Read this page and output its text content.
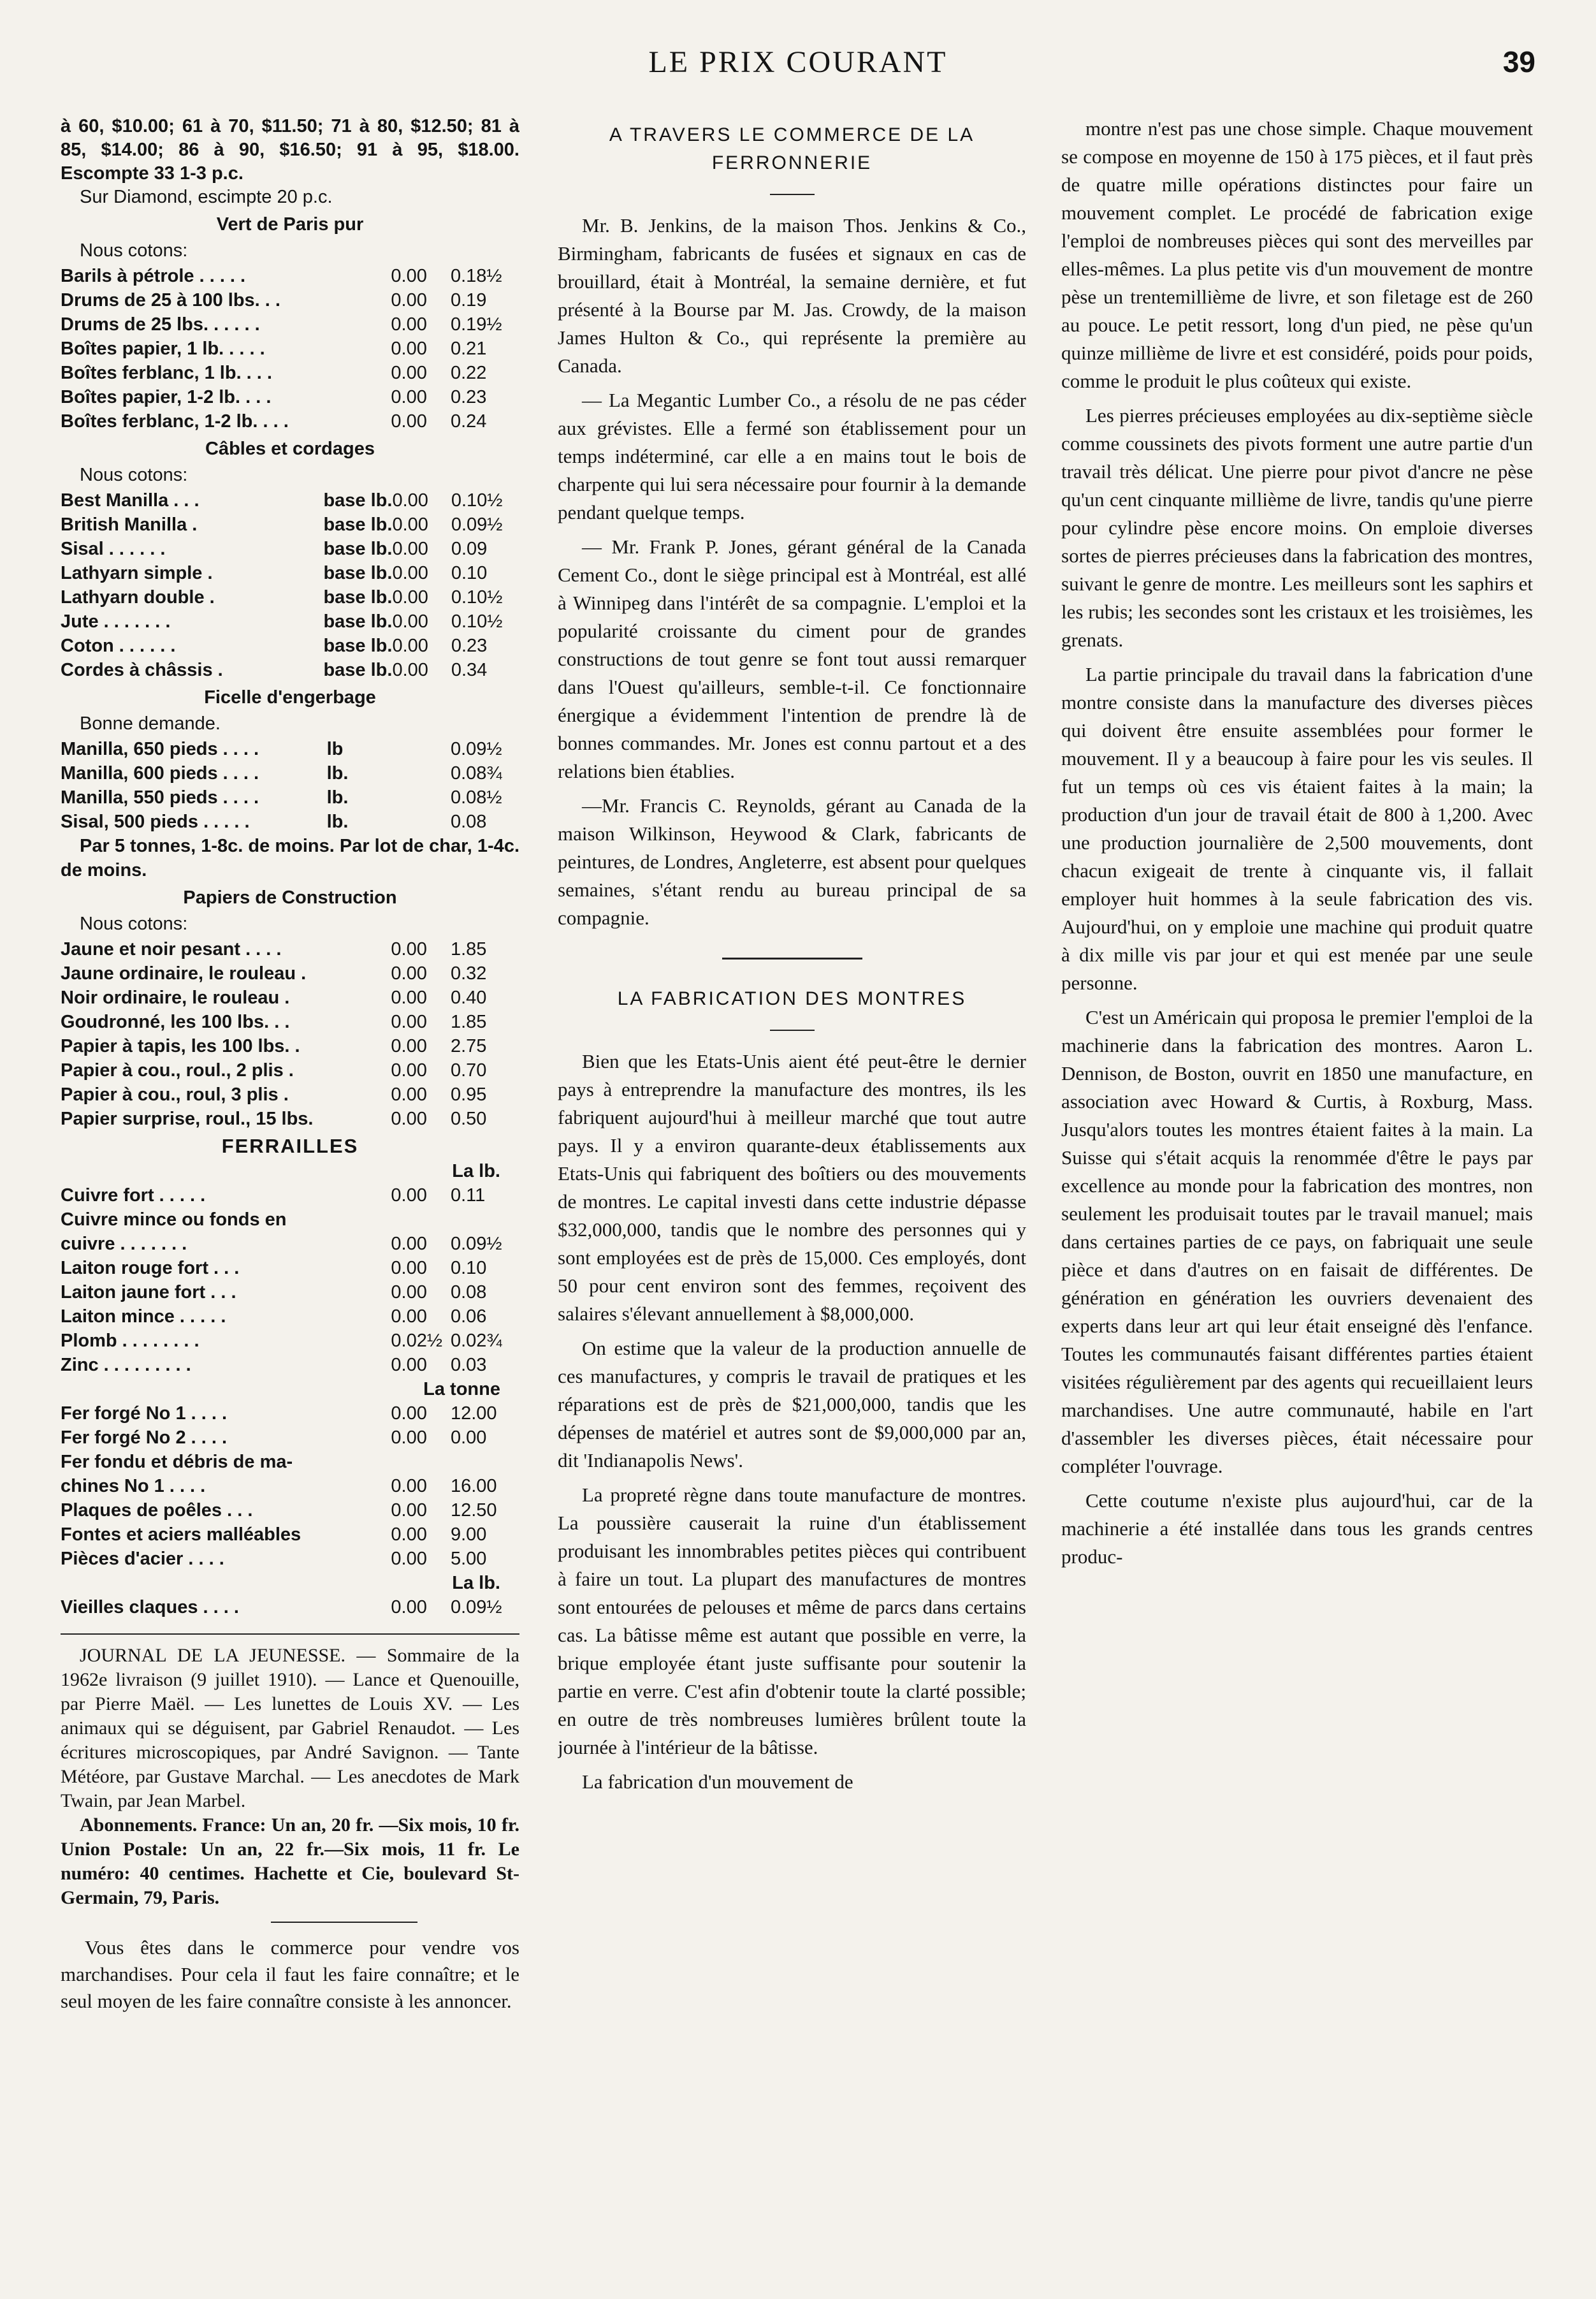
LE PRIX COURANT	39
à 60, $10.00; 61 à 70, $11.50; 71 à 80, $12.50; 81 à 85, $14.00; 86 à 90, $16.50; 91 à 95, $18.00. Escompte 33 1-3 p.c.
Sur Diamond, escimpte 20 p.c.
Vert de Paris pur
Nous cotons:
Barils à pétrole . . . . .		0.00	0.18½
Drums de 25 à 100 lbs. . .		0.00	0.19
Drums de 25 lbs. . . . . .		0.00	0.19½
Boîtes papier, 1 lb. . . . .		0.00	0.21
Boîtes ferblanc, 1 lb. . . .		0.00	0.22
Boîtes papier, 1-2 lb. . . .		0.00	0.23
Boîtes ferblanc, 1-2 lb. . . .		0.00	0.24
Câbles et cordages
Nous cotons:
Best Manilla . . .	base lb.	0.00	0.10½
British Manilla .	base lb.	0.00	0.09½
Sisal . . . . . .	base lb.	0.00	0.09
Lathyarn simple .	base lb.	0.00	0.10
Lathyarn double .	base lb.	0.00	0.10½
Jute . . . . . . .	base lb.	0.00	0.10½
Coton . . . . . .	base lb.	0.00	0.23
Cordes à châssis .	base lb.	0.00	0.34
Ficelle d'engerbage
Bonne demande.
Manilla, 650 pieds . . . .	lb		0.09½
Manilla, 600 pieds . . . .	lb.		0.08¾
Manilla, 550 pieds . . . .	lb.		0.08½
Sisal, 500 pieds . . . . .	lb.		0.08
Par 5 tonnes, 1-8c. de moins. Par lot de char, 1-4c. de moins.
Papiers de Construction
Nous cotons:
Jaune et noir pesant . . . .		0.00	1.85
Jaune ordinaire, le rouleau .		0.00	0.32
Noir ordinaire, le rouleau .		0.00	0.40
Goudronné, les 100 lbs. . .		0.00	1.85
Papier à tapis, les 100 lbs. .		0.00	2.75
Papier à cou., roul., 2 plis .		0.00	0.70
Papier à cou., roul, 3 plis .		0.00	0.95
Papier surprise, roul., 15 lbs.		0.00	0.50
FERRAILLES
La lb.
Cuivre fort . . . . .	0.00	0.11
Cuivre mince ou fonds en		
cuivre . . . . . . .	0.00	0.09½
Laiton rouge fort . . .	0.00	0.10
Laiton jaune fort . . .	0.00	0.08
Laiton mince . . . . .	0.00	0.06
Plomb . . . . . . . .	0.02½	0.02¾
Zinc . . . . . . . . .	0.00	0.03
La tonne
Fer forgé No 1 . . . .	0.00	12.00
Fer forgé No 2 . . . .	0.00	0.00
Fer fondu et débris de ma-		
chines No 1 . . . .	0.00	16.00
Plaques de poêles . . .	0.00	12.50
Fontes et aciers malléables	0.00	9.00
Pièces d'acier . . . .	0.00	5.00
La lb.
Vieilles claques . . . .	0.00	0.09½

JOURNAL DE LA JEUNESSE. — Sommaire de la 1962e livraison (9 juillet 1910). — Lance et Quenouille, par Pierre Maël. — Les lunettes de Louis XV. — Les animaux qui se déguisent, par Gabriel Renaudot. — Les écritures microscopiques, par André Savignon. — Tante Météore, par Gustave Marchal. — Les anecdotes de Mark Twain, par Jean Marbel.

Abonnements. France: Un an, 20 fr. —Six mois, 10 fr. Union Postale: Un an, 22 fr.—Six mois, 11 fr. Le numéro: 40 centimes. Hachette et Cie, boulevard St-Germain, 79, Paris.

Vous êtes dans le commerce pour vendre vos marchandises. Pour cela il faut les faire connaître; et le seul moyen de les faire connaître consiste à les annoncer.

A TRAVERS LE COMMERCE DE LA FERRONNERIE

Mr. B. Jenkins, de la maison Thos. Jenkins & Co., Birmingham, fabricants de fusées et signaux en cas de brouillard, était à Montréal, la semaine dernière, et fut présenté à la Bourse par M. Jas. Crowdy, de la maison James Hulton & Co., qui représente la première au Canada.

— La Megantic Lumber Co., a résolu de ne pas céder aux grévistes. Elle a fermé son établissement pour un temps indéterminé, car elle a en mains tout le bois de charpente qui lui sera nécessaire pour fournir à la demande pendant quelque temps.

— Mr. Frank P. Jones, gérant général de la Canada Cement Co., dont le siège principal est à Montréal, est allé à Winnipeg dans l'intérêt de sa compagnie. L'emploi et la popularité croissante du ciment pour de grandes constructions de tout genre se font tout aussi remarquer dans l'Ouest qu'ailleurs, semble-t-il. Ce fonctionnaire énergique a évidemment l'intention de prendre là de bonnes commandes. Mr. Jones est connu partout et a des relations bien établies.

—Mr. Francis C. Reynolds, gérant au Canada de la maison Wilkinson, Heywood & Clark, fabricants de peintures, de Londres, Angleterre, est absent pour quelques semaines, s'étant rendu au bureau principal de sa compagnie.

LA FABRICATION DES MONTRES

Bien que les Etats-Unis aient été peut-être le dernier pays à entreprendre la manufacture des montres, ils les fabriquent aujourd'hui à meilleur marché que tout autre pays. Il y a environ quarante-deux établissements aux Etats-Unis qui fabriquent des boîtiers ou des mouvements de montres. Le capital investi dans cette industrie dépasse $32,000,000, tandis que le nombre des personnes qui y sont employées est de près de 15,000. Ces employés, dont 50 pour cent environ sont des femmes, reçoivent des salaires s'élevant annuellement à $8,000,000.

On estime que la valeur de la production annuelle de ces manufactures, y compris le travail de pratiques et les réparations est de près de $21,000,000, tandis que les dépenses de matériel et autres sont de $9,000,000 par an, dit 'Indianapolis News'.

La propreté règne dans toute manufacture de montres. La poussière causerait la ruine d'un établissement produisant les innombrables petites pièces qui contribuent à faire un tout. La plupart des manufactures de montres sont entourées de pelouses et même de parcs dans certains cas. La bâtisse même est autant que possible en verre, la brique employée étant juste suffisante pour soutenir la partie en verre. C'est afin d'obtenir toute la clarté possible; en outre de très nombreuses lumières brûlent toute la journée à l'intérieur de la bâtisse.

La fabrication d'un mouvement de

montre n'est pas une chose simple. Chaque mouvement se compose en moyenne de 150 à 175 pièces, et il faut près de quatre mille opérations distinctes pour faire un mouvement complet. Le procédé de fabrication exige l'emploi de nombreuses pièces qui sont des merveilles par elles-mêmes. La plus petite vis d'un mouvement de montre pèse un trentemillième de livre, et son filetage est de 260 au pouce. Le petit ressort, long d'un pied, ne pèse qu'un quinze millième de livre et est considéré, poids pour poids, comme le produit le plus coûteux qui existe.

Les pierres précieuses employées au dix-septième siècle comme coussinets des pivots forment une autre partie d'un travail très délicat. Une pierre pour pivot d'ancre ne pèse qu'un cent cinquante millième de livre, tandis qu'une pierre pour cylindre pèse encore moins. On emploie diverses sortes de pierres précieuses dans la fabrication des montres, suivant le genre de montre. Les meilleurs sont les saphirs et les rubis; les secondes sont les cristaux et les troisièmes, les grenats.

La partie principale du travail dans la fabrication d'une montre consiste dans la manufacture des diverses pièces qui doivent être ensuite assemblées pour former le mouvement. Il y a beaucoup à faire pour les vis seules. Il fut un temps où ces vis étaient faites à la main; la production d'un jour de travail était de 800 à 1,200. Avec une production journalière de 2,500 mouvements, dont chacun exigeait de trente à cinquante vis, il fallait employer huit hommes à la seule fabrication des vis. Aujourd'hui, on y emploie une machine qui produit quatre à dix mille vis par jour et qui est menée par une seule personne.

C'est un Américain qui proposa le premier l'emploi de la machinerie dans la fabrication des montres. Aaron L. Dennison, de Boston, ouvrit en 1850 une manufacture, en association avec Howard & Curtis, à Roxburg, Mass. Jusqu'alors toutes les montres étaient faites à la main. La Suisse qui s'était acquis la renommée d'être le pays par excellence au monde pour la fabrication des montres, non seulement les produisait toutes par le travail manuel; mais dans certaines parties de ce pays, on fabriquait une seule pièce et dans d'autres on en faisait de différentes. De génération en génération les ouvriers devenaient des experts dans leur art qui leur était enseigné dès l'enfance. Toutes les communautés faisant différentes parties étaient visitées régulièrement par des agents qui recueillaient leurs marchandises. Une autre communauté, habile en l'art d'assembler les diverses pièces, était nécessaire pour compléter l'ouvrage.

Cette coutume n'existe plus aujourd'hui, car de la machinerie a été installée dans tous les grands centres produc-
